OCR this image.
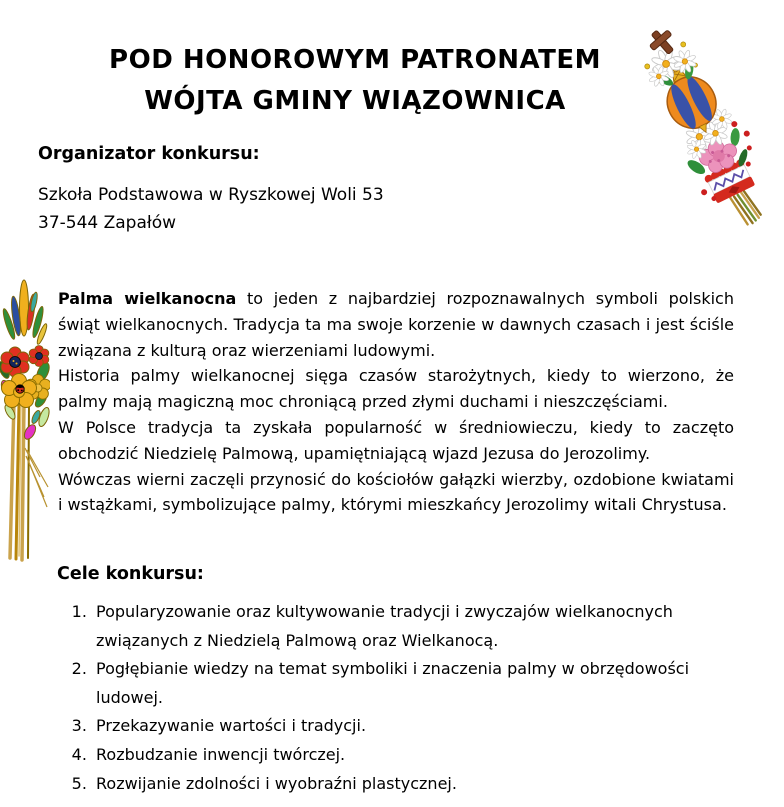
POD HONOROWYM PATRONATEM
WÓJTA GMINY WIĄZOWNICA
Organizator konkursu:
Szkoła Podstawowa w Ryszkowej Woli 53
37-544 Zapałów

Palma wielkanocna to jeden z najbardziej rozpoznawalnych symboli polskich świąt wielkanocnych. Tradycja ta ma swoje korzenie w dawnych czasach i jest ściśle związana z kulturą oraz wierzeniami ludowymi.

Historia palmy wielkanocnej sięga czasów starożytnych, kiedy to wierzono, że palmy mają magiczną moc chroniącą przed złymi duchami i nieszczęściami.

W Polsce tradycja ta zyskała popularność w średniowieczu, kiedy to zaczęto obchodzić Niedzielę Palmową, upamiętniającą wjazd Jezusa do Jerozolimy.

Wówczas wierni zaczęli przynosić do kościołów gałązki wierzby, ozdobione kwiatami i wstążkami, symbolizujące palmy, którymi mieszkańcy Jerozolimy witali Chrystusa.

Cele konkursu:
1. Popularyzowanie oraz kultywowanie tradycji i zwyczajów wielkanocnych związanych z Niedzielą Palmową oraz Wielkanocą.
2. Pogłębianie wiedzy na temat symboliki i znaczenia palmy w obrzędowości ludowej.
3. Przekazywanie wartości i tradycji.
4. Rozbudzanie inwencji twórczej.
5. Rozwijanie zdolności i wyobraźni plastycznej.
